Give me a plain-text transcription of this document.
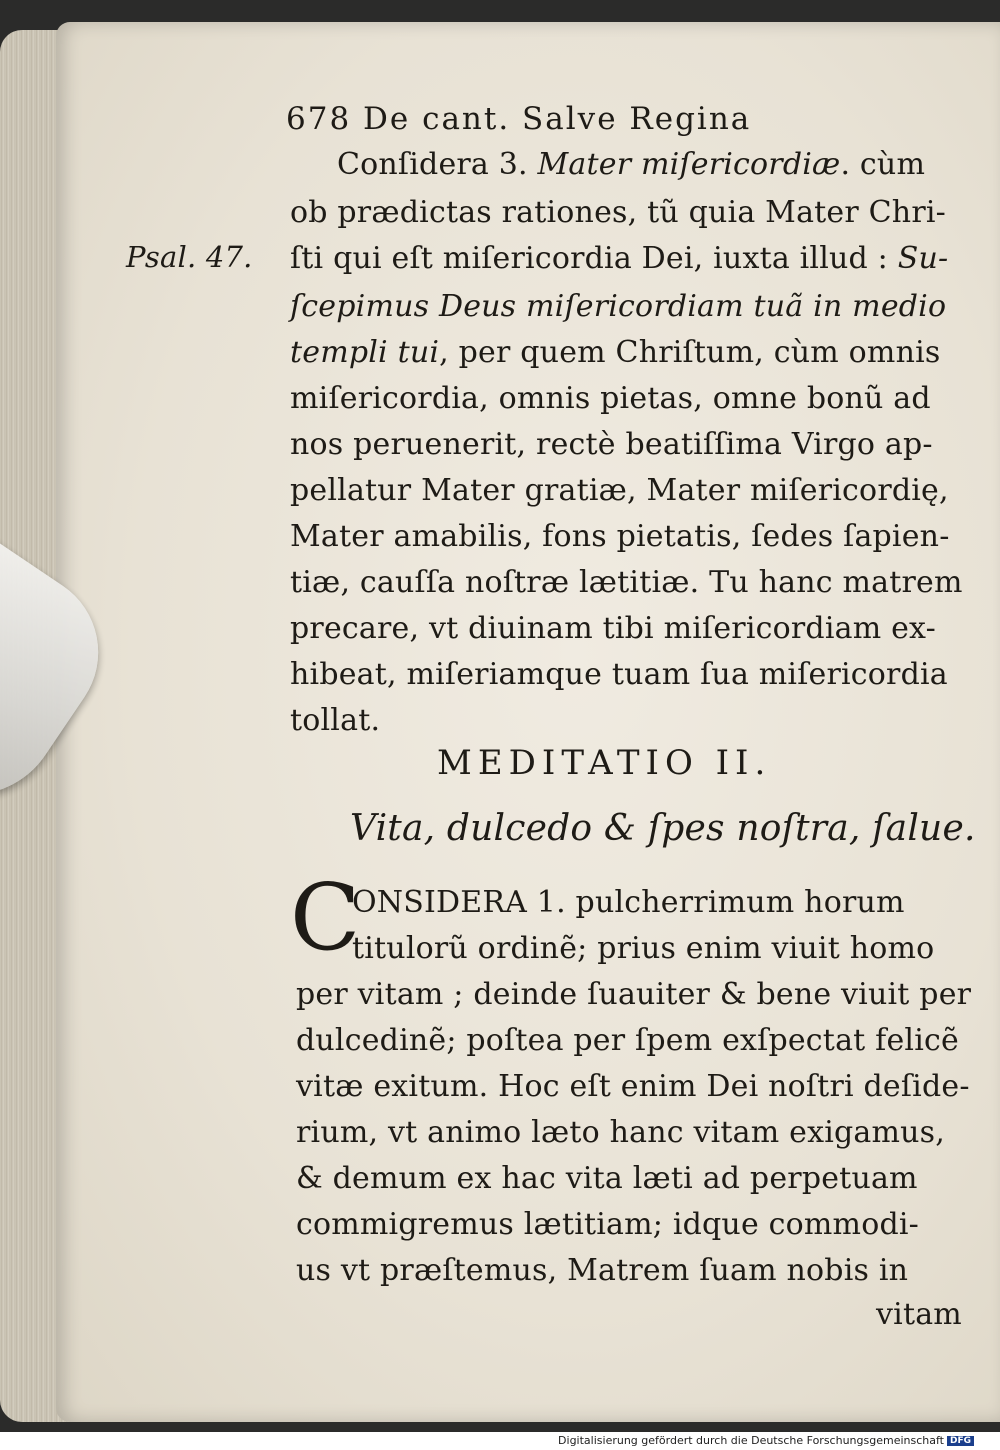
678 De cant. Salve Regina
Psal. 47.
Conſidera 3. Mater miſericordiæ. cùm
ob prædictas rationes, tũ quia Mater Chri-
ſti qui eſt miſericordia Dei, iuxta illud : Su-
ſcepimus Deus miſericordiam tuã in medio
templi tui, per quem Chriſtum, cùm omnis
miſericordia, omnis pietas, omne bonũ ad
nos peruenerit, rectè beatiſſima Virgo ap-
pellatur Mater gratiæ, Mater miſericordię,
Mater amabilis, fons pietatis, ſedes ſapien-
tiæ, cauſſa noſtræ lætitiæ. Tu hanc matrem
precare, vt diuinam tibi miſericordiam ex-
hibeat, miſeriamque tuam ſua miſericordia
tollat.
MEDITATIO II.
Vita, dulcedo & ſpes noſtra, ſalue.
C
ONSIDERA 1. pulcherrimum horum
titulorũ ordinẽ; prius enim viuit homo
per vitam ; deinde ſuauiter & bene viuit per
dulcedinẽ; poſtea per ſpem exſpectat felicẽ
vitæ exitum. Hoc eſt enim Dei noſtri deſide-
rium, vt animo læto hanc vitam exigamus,
& demum ex hac vita læti ad perpetuam
commigremus lætitiam; idque commodi-
us vt præſtemus, Matrem ſuam nobis in
vitam
Digitalisierung gefördert durch die Deutsche Forschungsgemeinschaft DFG
